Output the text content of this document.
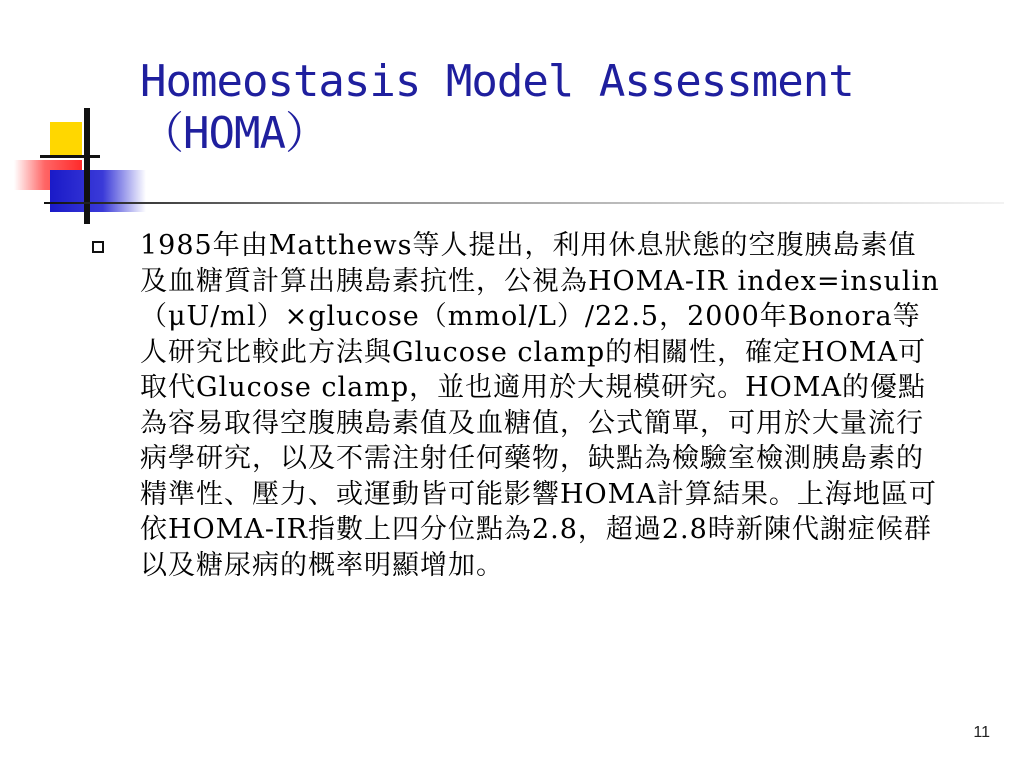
Homeostasis Model Assessment
（HOMA）

1985年由Matthews等人提出，利用休息狀態的空腹胰島素值及血糖質計算出胰島素抗性，公視為HOMA-IR index=insulin（μU/ml）×glucose（mmol/L）/22.5，2000年Bonora等人研究比較此方法與Glucose clamp的相關性，確定HOMA可取代Glucose clamp，並也適用於大規模研究。HOMA的優點為容易取得空腹胰島素值及血糖值，公式簡單，可用於大量流行病學研究，以及不需注射任何藥物，缺點為檢驗室檢測胰島素的精準性、壓力、或運動皆可能影響HOMA計算結果。上海地區可依HOMA-IR指數上四分位點為2.8，超過2.8時新陳代謝症候群以及糖尿病的概率明顯增加。

11
